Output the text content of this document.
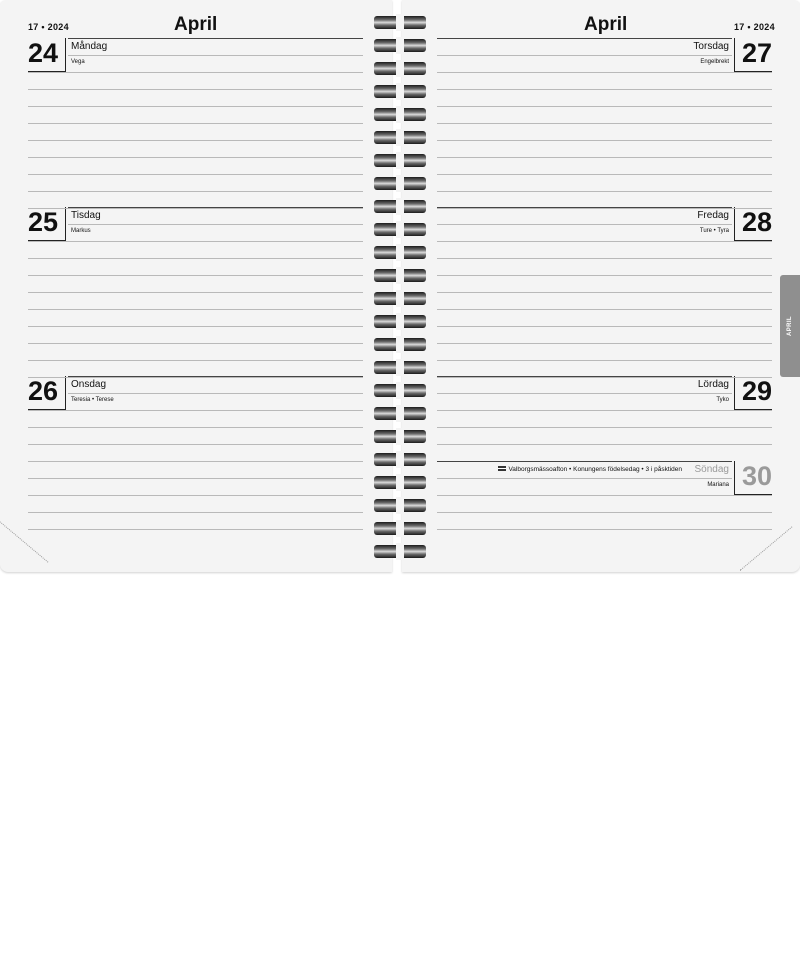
17 • 2024	April
24	Måndag
Vega
25	Tisdag
Markus
26	Onsdag
Teresia • Terese
April	17 • 2024
27
Torsdag
Engelbrekt
28
Fredag
Ture • Tyra
29
Lördag
Tyko
Valborgsmässoafton • Konungens födelsedag • 3 i påsktiden 30
Söndag
Mariana
APRIL
